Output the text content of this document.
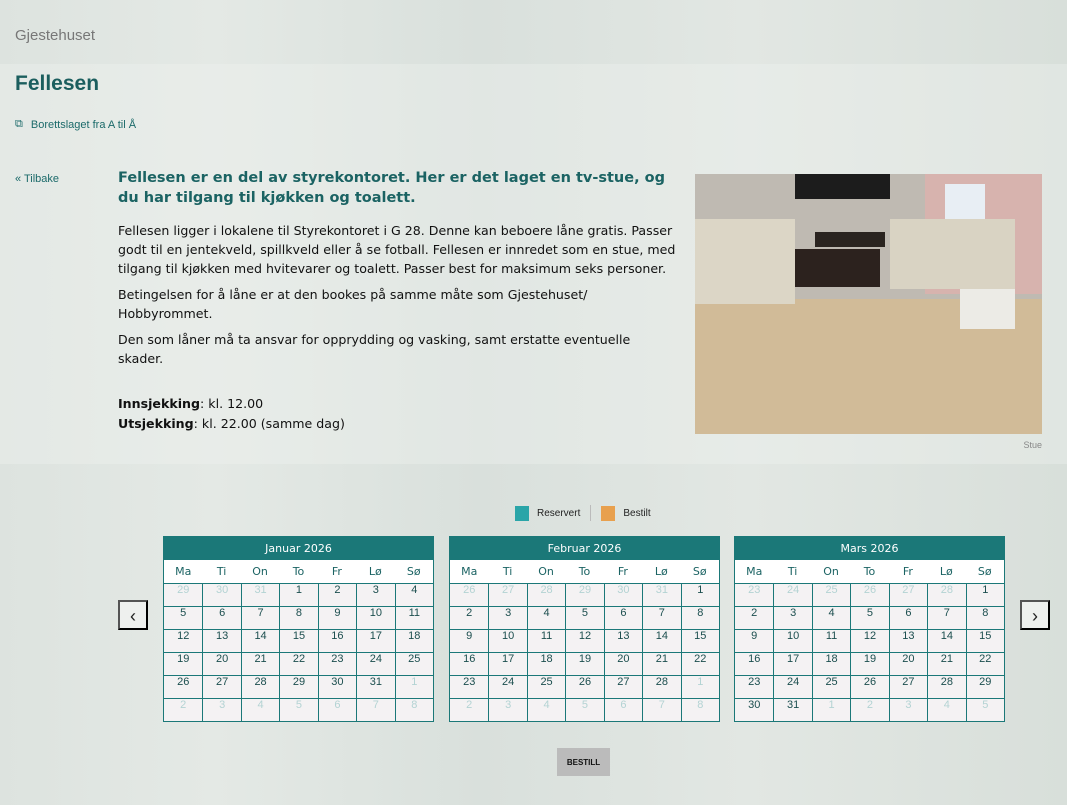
Gjestehuset
Fellesen
⧉ Borettslaget fra A til Å
« Tilbake	Fellesen er en del av styrekontoret. Her er det laget en tv-stue, og du har tilgang til kjøkken og toalett.

Fellesen ligger i lokalene til Styrekontoret i G 28. Denne kan beboere låne gratis. Passer godt til en jentekveld, spillkveld eller å se fotball. Fellesen er innredet som en stue, med tilgang til kjøkken med hvitevarer og toalett. Passer best for maksimum seks personer.

Betingelsen for å låne er at den bookes på samme måte som Gjestehuset/ Hobbyrommet.

Den som låner må ta ansvar for opprydding og vasking, samt erstatte eventuelle skader.

Innsjekking: kl. 12.00
Utsjekking: kl. 22.00 (samme dag)
Stue
Reservert	Bestilt
‹	›
Januar 2026
Ma	Ti	On	To	Fr	Lø	Sø
29	30	31	1	2	3	4
5	6	7	8	9	10	11
12	13	14	15	16	17	18
19	20	21	22	23	24	25
26	27	28	29	30	31	1
2	3	4	5	6	7	8
Februar 2026
Ma	Ti	On	To	Fr	Lø	Sø
26	27	28	29	30	31	1
2	3	4	5	6	7	8
9	10	11	12	13	14	15
16	17	18	19	20	21	22
23	24	25	26	27	28	1
2	3	4	5	6	7	8
Mars 2026
Ma	Ti	On	To	Fr	Lø	Sø
23	24	25	26	27	28	1
2	3	4	5	6	7	8
9	10	11	12	13	14	15
16	17	18	19	20	21	22
23	24	25	26	27	28	29
30	31	1	2	3	4	5
BESTILL
